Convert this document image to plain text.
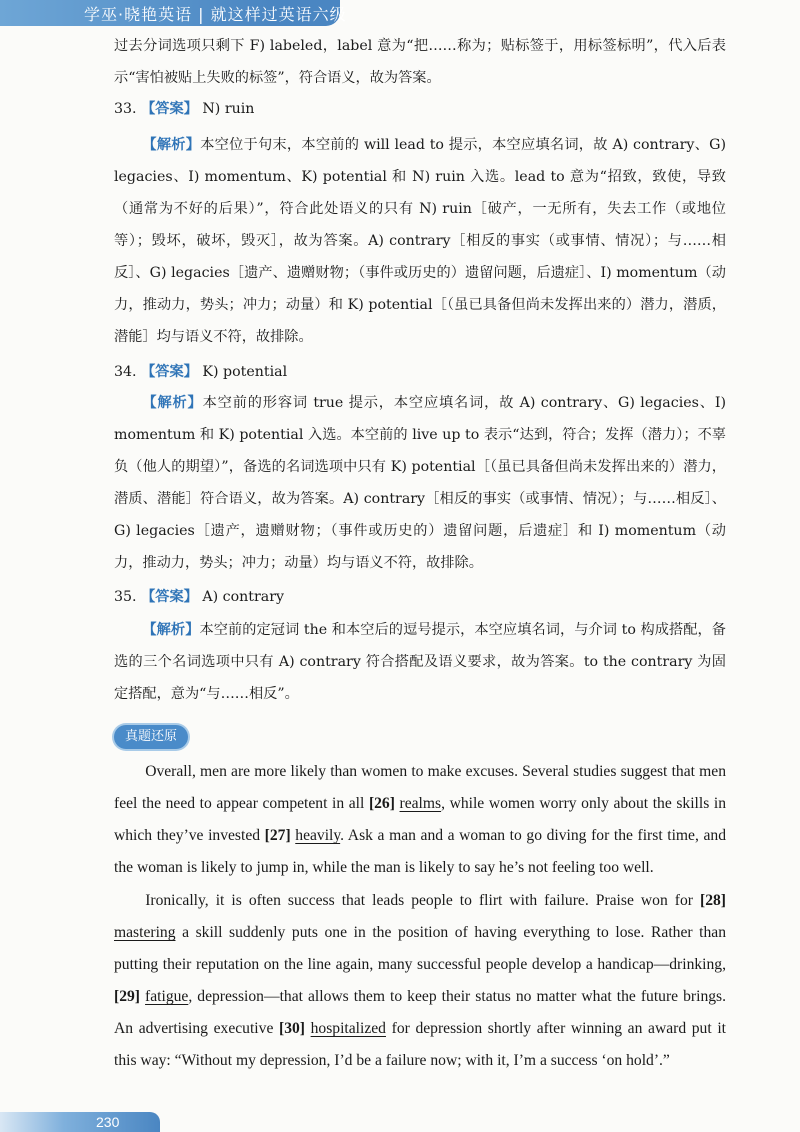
学巫·晓艳英语 | 就这样过英语六级
过去分词选项只剩下 F) labeled，label 意为“把……称为；贴标签于，用标签标明”，代入后表示“害怕被贴上失败的标签”，符合语义，故为答案。
33. 【答案】 N) ruin
【解析】本空位于句末，本空前的 will lead to 提示，本空应填名词，故 A) contrary、G) legacies、I) momentum、K) potential 和 N) ruin 入选。lead to 意为“招致，致使，导致（通常为不好的后果）”，符合此处语义的只有 N) ruin［破产，一无所有，失去工作（或地位等）；毁坏，破坏，毁灭］，故为答案。A) contrary［相反的事实（或事情、情况）；与……相反］、G) legacies［遗产、遗赠财物；（事件或历史的）遗留问题，后遗症］、I) momentum（动力，推动力，势头；冲力；动量）和 K) potential［（虽已具备但尚未发挥出来的）潜力，潜质，潜能］均与语义不符，故排除。
34. 【答案】 K) potential
【解析】本空前的形容词 true 提示，本空应填名词，故 A) contrary、G) legacies、I) momentum 和 K) potential 入选。本空前的 live up to 表示“达到，符合；发挥（潜力）；不辜负（他人的期望）”，备选的名词选项中只有 K) potential［（虽已具备但尚未发挥出来的）潜力，潜质、潜能］符合语义，故为答案。A) contrary［相反的事实（或事情、情况）；与……相反］、G) legacies［遗产，遗赠财物；（事件或历史的）遗留问题，后遗症］和 I) momentum（动力，推动力，势头；冲力；动量）均与语义不符，故排除。
35. 【答案】 A) contrary
【解析】本空前的定冠词 the 和本空后的逗号提示，本空应填名词，与介词 to 构成搭配，备选的三个名词选项中只有 A) contrary 符合搭配及语义要求，故为答案。to the contrary 为固定搭配，意为“与……相反”。
真题还原
Overall, men are more likely than women to make excuses. Several studies suggest that men feel the need to appear competent in all [26] realms, while women worry only about the skills in which they’ve invested [27] heavily. Ask a man and a woman to go diving for the first time, and the woman is likely to jump in, while the man is likely to say he’s not feeling too well.
Ironically, it is often success that leads people to flirt with failure. Praise won for [28] mastering a skill suddenly puts one in the position of having everything to lose. Rather than putting their reputation on the line again, many successful people develop a handicap—drinking, [29] fatigue, depression—that allows them to keep their status no matter what the future brings. An advertising executive [30] hospitalized for depression shortly after winning an award put it this way: “Without my depression, I’d be a failure now; with it, I’m a success ‘on hold’.”
230
